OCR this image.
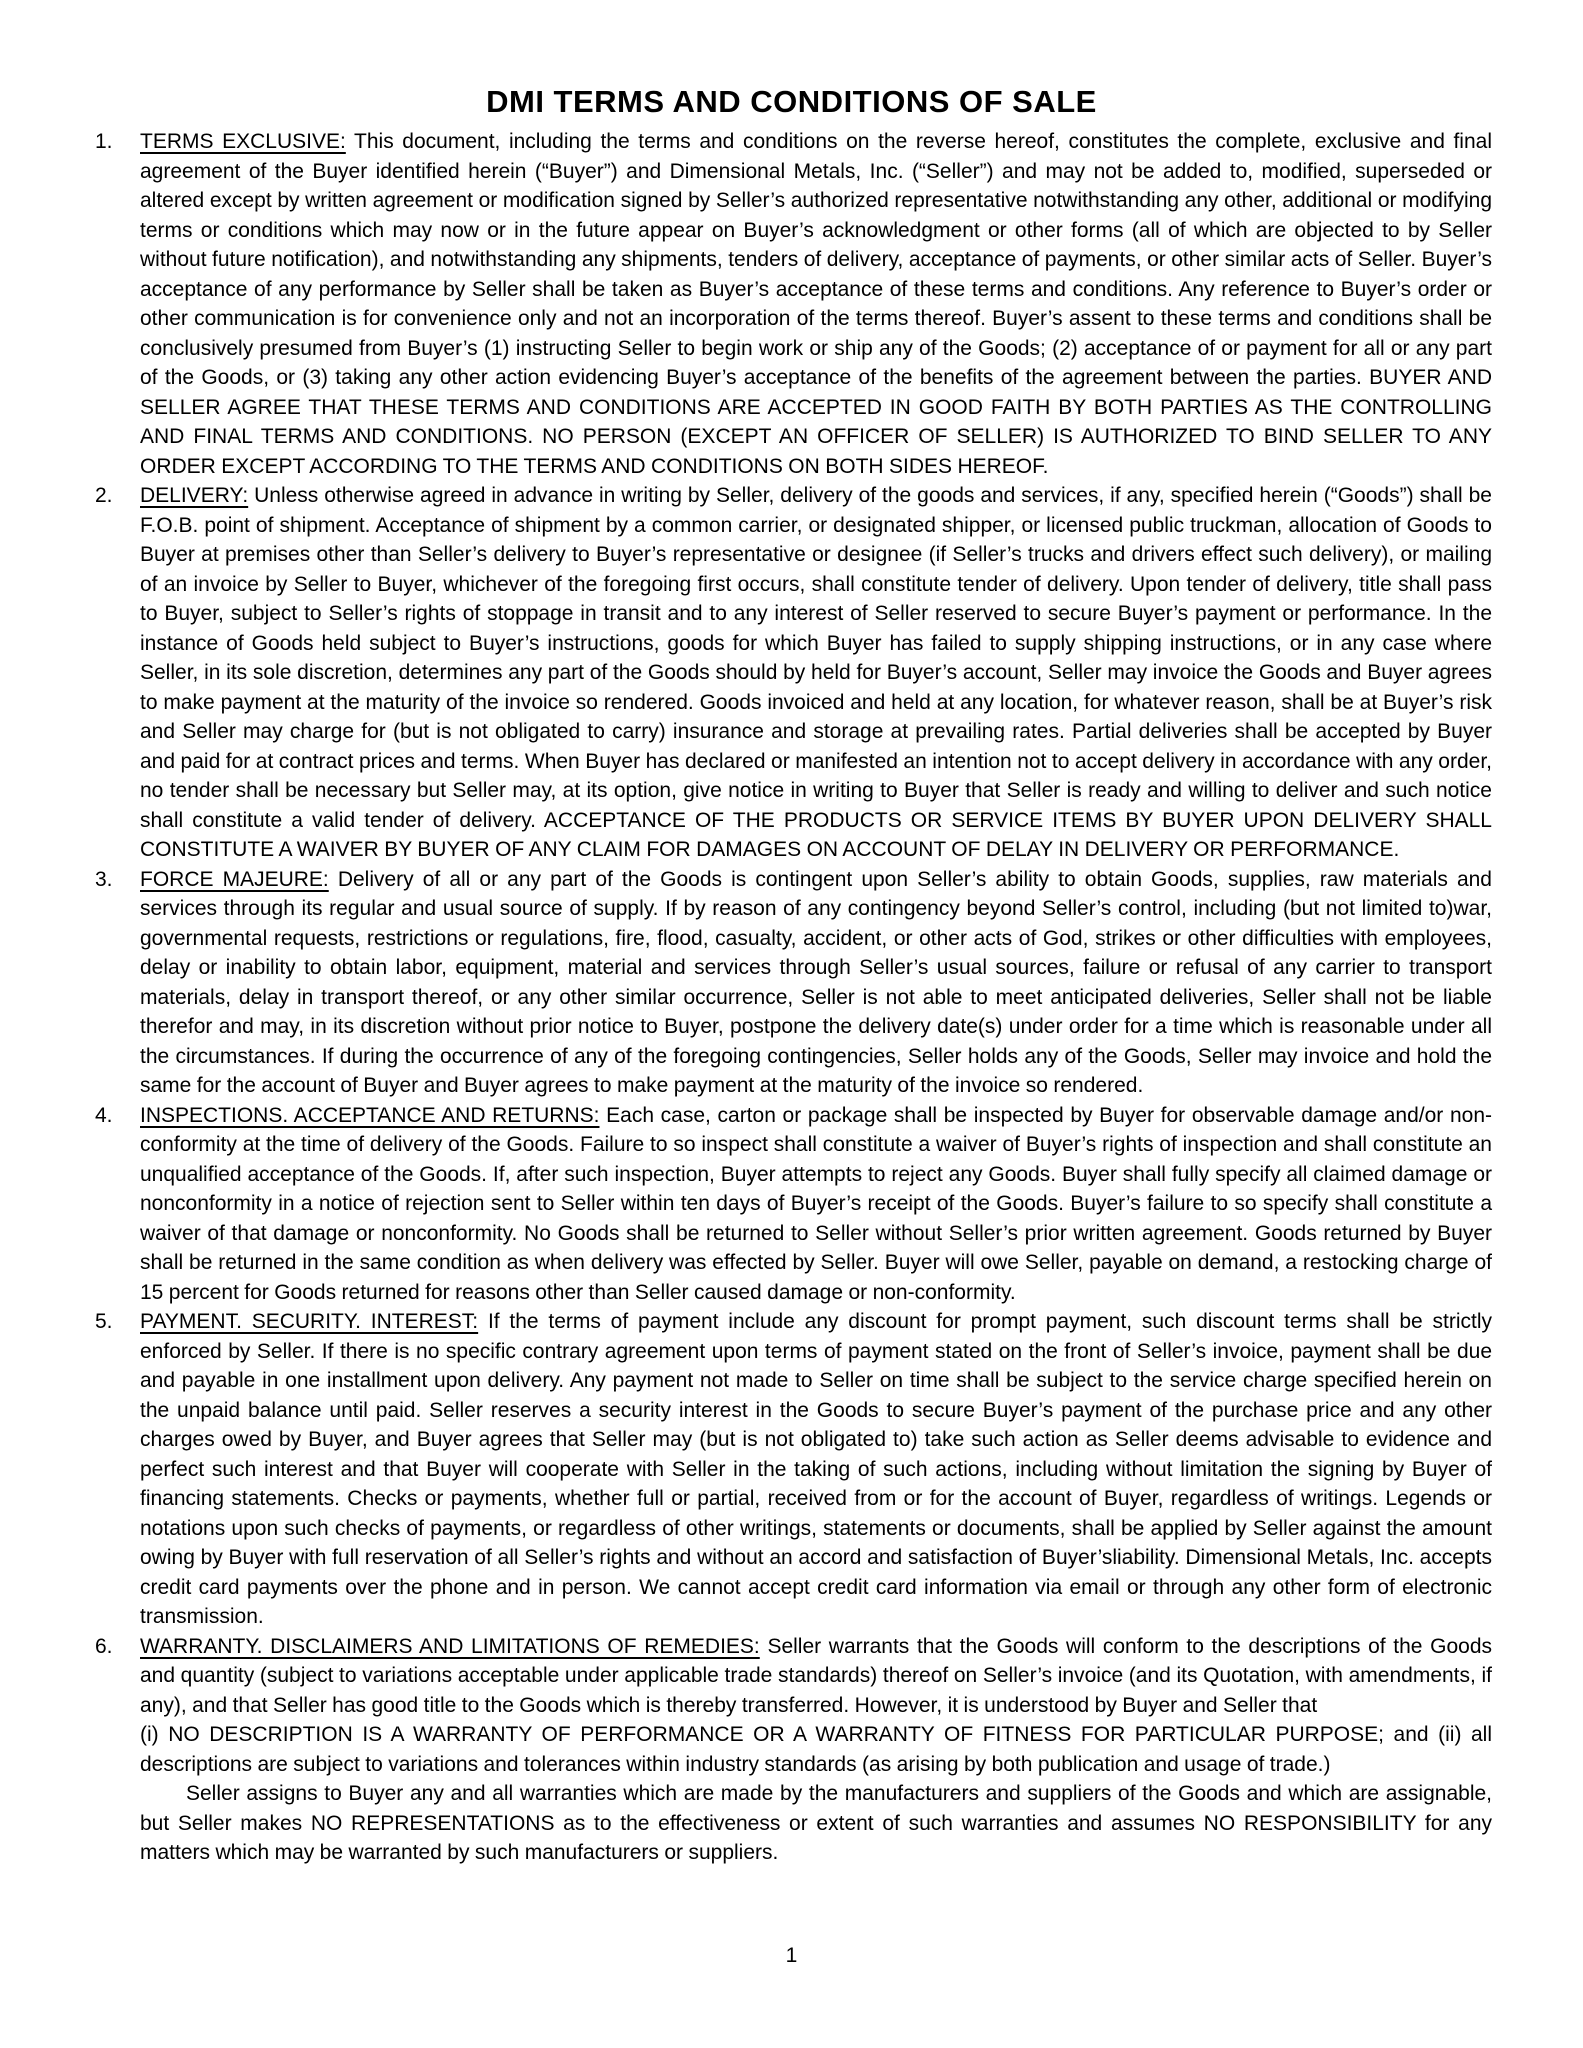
DMI TERMS AND CONDITIONS OF SALE
1.	TERMS EXCLUSIVE: This document, including the terms and conditions on the reverse hereof, constitutes the complete, exclusive and final agreement of the Buyer identified herein (“Buyer”) and Dimensional Metals, Inc. (“Seller”) and may not be added to, modified, superseded or altered except by written agreement or modification signed by Seller’s authorized representative notwithstanding any other, additional or modifying terms or conditions which may now or in the future appear on Buyer’s acknowledgment or other forms (all of which are objected to by Seller without future notification), and notwithstanding any shipments, tenders of delivery, acceptance of payments, or other similar acts of Seller. Buyer’s acceptance of any performance by Seller shall be taken as Buyer’s acceptance of these terms and conditions. Any reference to Buyer’s order or other communication is for convenience only and not an incorporation of the terms thereof. Buyer’s assent to these terms and conditions shall be conclusively presumed from Buyer’s (1) instructing Seller to begin work or ship any of the Goods; (2) acceptance of or payment for all or any part of the Goods, or (3) taking any other action evidencing Buyer’s acceptance of the benefits of the agreement between the parties. BUYER AND SELLER AGREE THAT THESE TERMS AND CONDITIONS ARE ACCEPTED IN GOOD FAITH BY BOTH PARTIES AS THE CONTROLLING AND FINAL TERMS AND CONDITIONS. NO PERSON (EXCEPT AN OFFICER OF SELLER) IS AUTHORIZED TO BIND SELLER TO ANY ORDER EXCEPT ACCORDING TO THE TERMS AND CONDITIONS ON BOTH SIDES HEREOF.
2.	DELIVERY: Unless otherwise agreed in advance in writing by Seller, delivery of the goods and services, if any, specified herein (“Goods”) shall be F.O.B. point of shipment. Acceptance of shipment by a common carrier, or designated shipper, or licensed public truckman, allocation of Goods to Buyer at premises other than Seller’s delivery to Buyer’s representative or designee (if Seller’s trucks and drivers effect such delivery), or mailing of an invoice by Seller to Buyer, whichever of the foregoing first occurs, shall constitute tender of delivery. Upon tender of delivery, title shall pass to Buyer, subject to Seller’s rights of stoppage in transit and to any interest of Seller reserved to secure Buyer’s payment or performance. In the instance of Goods held subject to Buyer’s instructions, goods for which Buyer has failed to supply shipping instructions, or in any case where Seller, in its sole discretion, determines any part of the Goods should by held for Buyer’s account, Seller may invoice the Goods and Buyer agrees to make payment at the maturity of the invoice so rendered. Goods invoiced and held at any location, for whatever reason, shall be at Buyer’s risk and Seller may charge for (but is not obligated to carry) insurance and storage at prevailing rates. Partial deliveries shall be accepted by Buyer and paid for at contract prices and terms. When Buyer has declared or manifested an intention not to accept delivery in accordance with any order, no tender shall be necessary but Seller may, at its option, give notice in writing to Buyer that Seller is ready and willing to deliver and such notice shall constitute a valid tender of delivery. ACCEPTANCE OF THE PRODUCTS OR SERVICE ITEMS BY BUYER UPON DELIVERY SHALL CONSTITUTE A WAIVER BY BUYER OF ANY CLAIM FOR DAMAGES ON ACCOUNT OF DELAY IN DELIVERY OR PERFORMANCE.
3.	FORCE MAJEURE: Delivery of all or any part of the Goods is contingent upon Seller’s ability to obtain Goods, supplies, raw materials and services through its regular and usual source of supply. If by reason of any contingency beyond Seller’s control, including (but not limited to)war, governmental requests, restrictions or regulations, fire, flood, casualty, accident, or other acts of God, strikes or other difficulties with employees, delay or inability to obtain labor, equipment, material and services through Seller’s usual sources, failure or refusal of any carrier to transport materials, delay in transport thereof, or any other similar occurrence, Seller is not able to meet anticipated deliveries, Seller shall not be liable therefor and may, in its discretion without prior notice to Buyer, postpone the delivery date(s) under order for a time which is reasonable under all the circumstances. If during the occurrence of any of the foregoing contingencies, Seller holds any of the Goods, Seller may invoice and hold the same for the account of Buyer and Buyer agrees to make payment at the maturity of the invoice so rendered.
4.	INSPECTIONS. ACCEPTANCE AND RETURNS: Each case, carton or package shall be inspected by Buyer for observable damage and/or non-conformity at the time of delivery of the Goods. Failure to so inspect shall constitute a waiver of Buyer’s rights of inspection and shall constitute an unqualified acceptance of the Goods. If, after such inspection, Buyer attempts to reject any Goods. Buyer shall fully specify all claimed damage or nonconformity in a notice of rejection sent to Seller within ten days of Buyer’s receipt of the Goods. Buyer’s failure to so specify shall constitute a waiver of that damage or nonconformity. No Goods shall be returned to Seller without Seller’s prior written agreement. Goods returned by Buyer shall be returned in the same condition as when delivery was effected by Seller. Buyer will owe Seller, payable on demand, a restocking charge of 15 percent for Goods returned for reasons other than Seller caused damage or non-conformity.
5.	PAYMENT. SECURITY. INTEREST: If the terms of payment include any discount for prompt payment, such discount terms shall be strictly enforced by Seller. If there is no specific contrary agreement upon terms of payment stated on the front of Seller’s invoice, payment shall be due and payable in one installment upon delivery. Any payment not made to Seller on time shall be subject to the service charge specified herein on the unpaid balance until paid. Seller reserves a security interest in the Goods to secure Buyer’s payment of the purchase price and any other charges owed by Buyer, and Buyer agrees that Seller may (but is not obligated to) take such action as Seller deems advisable to evidence and perfect such interest and that Buyer will cooperate with Seller in the taking of such actions, including without limitation the signing by Buyer of financing statements. Checks or payments, whether full or partial, received from or for the account of Buyer, regardless of writings. Legends or notations upon such checks of payments, or regardless of other writings, statements or documents, shall be applied by Seller against the amount owing by Buyer with full reservation of all Seller’s rights and without an accord and satisfaction of Buyer’sliability. Dimensional Metals, Inc. accepts credit card payments over the phone and in person. We cannot accept credit card information via email or through any other form of electronic transmission.
6.	WARRANTY. DISCLAIMERS AND LIMITATIONS OF REMEDIES: Seller warrants that the Goods will conform to the descriptions of the Goods and quantity (subject to variations acceptable under applicable trade standards) thereof on Seller’s invoice (and its Quotation, with amendments, if any), and that Seller has good title to the Goods which is thereby transferred. However, it is understood by Buyer and Seller that
(i) NO DESCRIPTION IS A WARRANTY OF PERFORMANCE OR A WARRANTY OF FITNESS FOR PARTICULAR PURPOSE; and (ii) all descriptions are subject to variations and tolerances within industry standards (as arising by both publication and usage of trade.)
Seller assigns to Buyer any and all warranties which are made by the manufacturers and suppliers of the Goods and which are assignable, but Seller makes NO REPRESENTATIONS as to the effectiveness or extent of such warranties and assumes NO RESPONSIBILITY for any matters which may be warranted by such manufacturers or suppliers.
1
